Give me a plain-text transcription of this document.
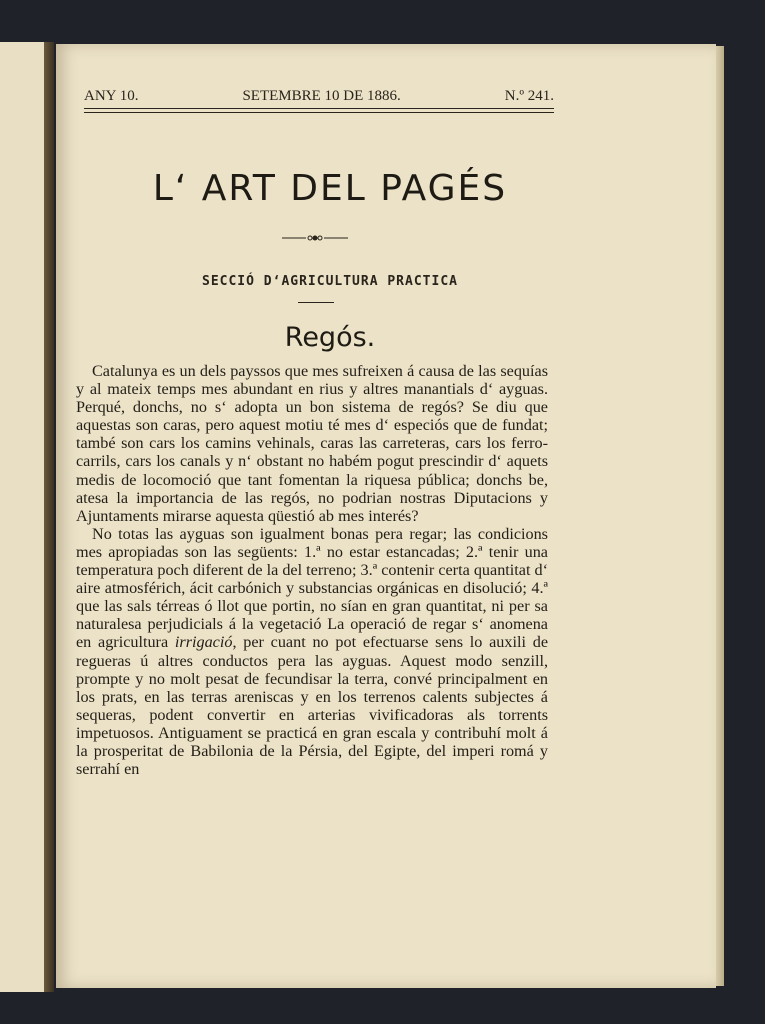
ANY 10.	SETEMBRE 10 DE 1886.	N.º 241.
L‘ ART DEL PAGÉS
SECCIÓ D‘AGRICULTURA PRACTICA
Regós.

Catalunya es un dels payssos que mes sufreixen á causa de las sequías y al mateix temps mes abundant en rius y altres manantials d‘ ayguas. Perqué, donchs, no s‘ adopta un bon sistema de regós? Se diu que aquestas son caras, pero aquest motiu té mes d‘ especiós que de fundat; també son cars los camins vehinals, caras las carreteras, cars los ferro-carrils, cars los canals y n‘ obstant no habém pogut prescindir d‘ aquets medis de locomoció que tant fomentan la riquesa pública; donchs be, atesa la importancia de las regós, no podrian nostras Diputacions y Ajuntaments mirarse aquesta qüestió ab mes interés?

No totas las ayguas son igualment bonas pera regar; las condicions mes apropiadas son las següents: 1.ª no estar estancadas; 2.ª tenir una temperatura poch diferent de la del terreno; 3.ª contenir certa quantitat d‘ aire atmosférich, ácit carbónich y substancias orgánicas en disolució; 4.ª que las sals térreas ó llot que portin, no sían en gran quantitat, ni per sa naturalesa perjudicials á la vegetació La operació de regar s‘ anomena en agricultura irrigació, per cuant no pot efectuarse sens lo auxili de regueras ú altres conductos pera las ayguas. Aquest modo senzill, prompte y no molt pesat de fecundisar la terra, convé principalment en los prats, en las terras areniscas y en los terrenos calents subjectes á sequeras, podent convertir en arterias vivificadoras als torrents impetuosos. Antiguament se practicá en gran escala y contribuhí molt á la prosperitat de Babilonia de la Pérsia, del Egipte, del imperi romá y serrahí en
